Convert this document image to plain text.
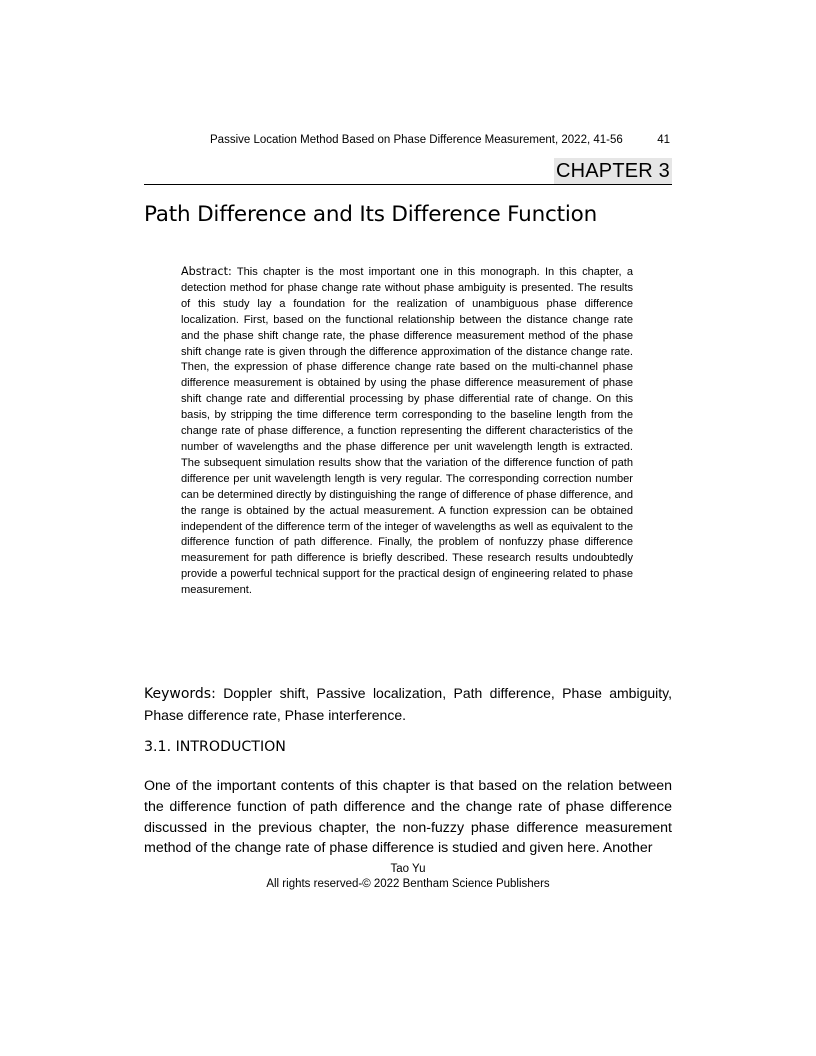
Passive Location Method Based on Phase Difference Measurement, 2022, 41-56	41
CHAPTER 3
Path Difference and Its Difference Function

Abstract: This chapter is the most important one in this monograph. In this chapter, a detection method for phase change rate without phase ambiguity is presented. The results of this study lay a foundation for the realization of unambiguous phase difference localization. First, based on the functional relationship between the distance change rate and the phase shift change rate, the phase difference measurement method of the phase shift change rate is given through the difference approximation of the distance change rate. Then, the expression of phase difference change rate based on the multi-channel phase difference measurement is obtained by using the phase difference measurement of phase shift change rate and differential processing by phase differential rate of change. On this basis, by stripping the time difference term corresponding to the baseline length from the change rate of phase difference, a function representing the different characteristics of the number of wavelengths and the phase difference per unit wavelength length is extracted. The subsequent simulation results show that the variation of the difference function of path difference per unit wavelength length is very regular. The corresponding correction number can be determined directly by distinguishing the range of difference of phase difference, and the range is obtained by the actual measurement. A function expression can be obtained independent of the difference term of the integer of wavelengths as well as equivalent to the difference function of path difference. Finally, the problem of nonfuzzy phase difference measurement for path difference is briefly described. These research results undoubtedly provide a powerful technical support for the practical design of engineering related to phase measurement.

Keywords: Doppler shift, Passive localization, Path difference, Phase ambiguity, Phase difference rate, Phase interference.

3.1. INTRODUCTION

One of the important contents of this chapter is that based on the relation between the difference function of path difference and the change rate of phase difference discussed in the previous chapter, the non-fuzzy phase difference measurement method of the change rate of phase difference is studied and given here. Another

Tao Yu
All rights reserved-© 2022 Bentham Science Publishers
